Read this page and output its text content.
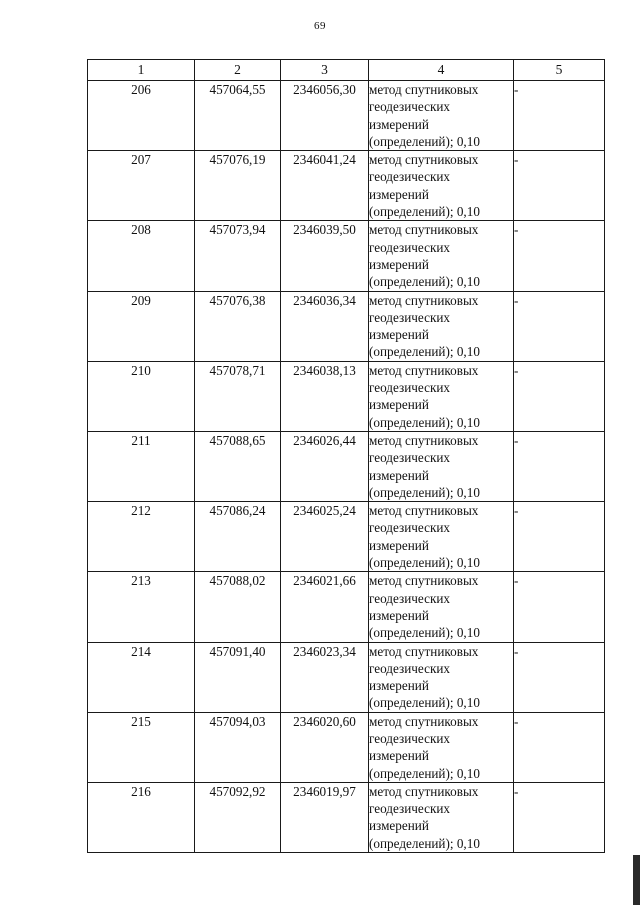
69
1	2	3	4	5
206	457064,55	2346056,30	метод спутниковых геодезических измерений (определений); 0,10	-
207	457076,19	2346041,24	метод спутниковых геодезических измерений (определений); 0,10	-
208	457073,94	2346039,50	метод спутниковых геодезических измерений (определений); 0,10	-
209	457076,38	2346036,34	метод спутниковых геодезических измерений (определений); 0,10	-
210	457078,71	2346038,13	метод спутниковых геодезических измерений (определений); 0,10	-
211	457088,65	2346026,44	метод спутниковых геодезических измерений (определений); 0,10	-
212	457086,24	2346025,24	метод спутниковых геодезических измерений (определений); 0,10	-
213	457088,02	2346021,66	метод спутниковых геодезических измерений (определений); 0,10	-
214	457091,40	2346023,34	метод спутниковых геодезических измерений (определений); 0,10	-
215	457094,03	2346020,60	метод спутниковых геодезических измерений (определений); 0,10	-
216	457092,92	2346019,97	метод спутниковых геодезических измерений (определений); 0,10	-
